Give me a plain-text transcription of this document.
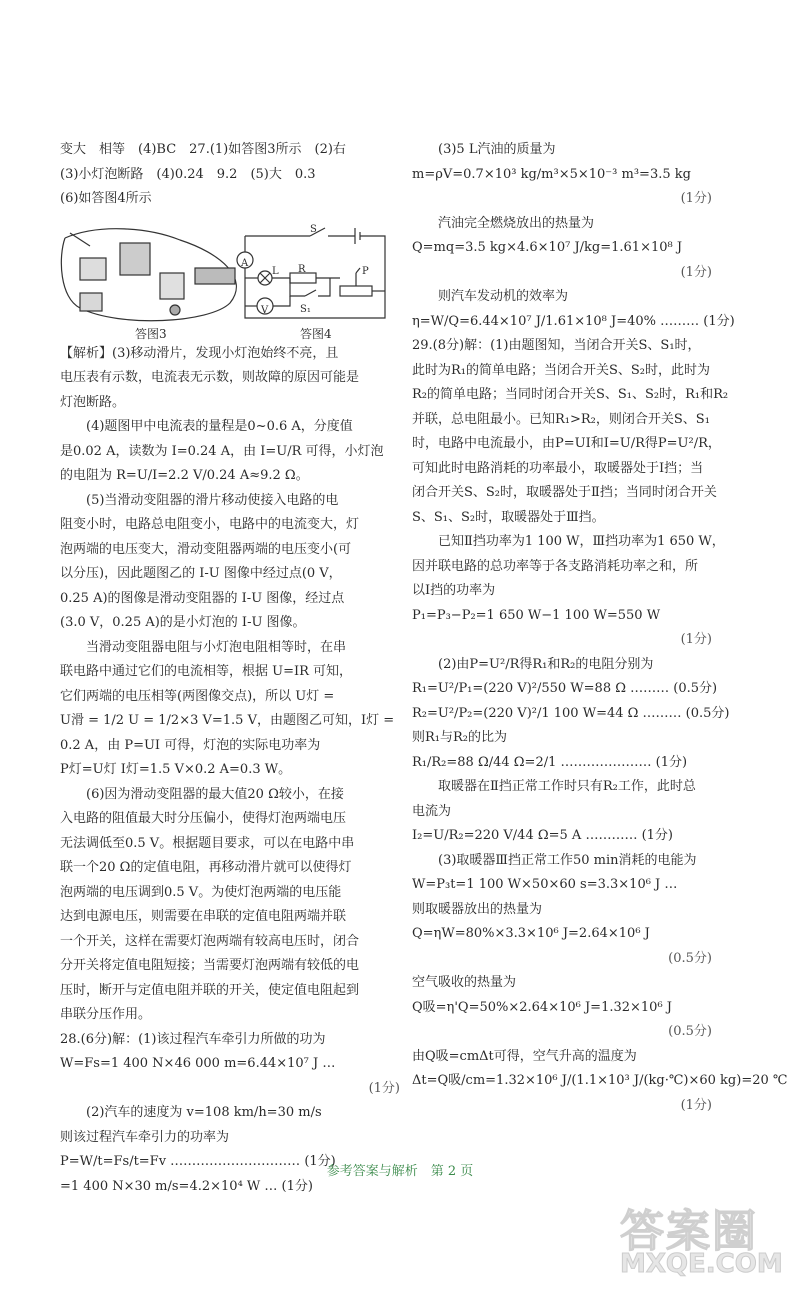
变大　相等　(4)BC　27.(1)如答图3所示　(2)右
(3)小灯泡断路　(4)0.24　9.2　(5)大　0.3
(6)如答图4所示
A
V
L R
S
S₁
P
答图3	答图4
【解析】(3)移动滑片，发现小灯泡始终不亮，且
电压表有示数，电流表无示数，则故障的原因可能是
灯泡断路。
(4)题图甲中电流表的量程是0~0.6 A，分度值
是0.02 A，读数为 I=0.24 A，由 I=U/R 可得，小灯泡
的电阻为 R=U/I=2.2 V/0.24 A≈9.2 Ω。
(5)当滑动变阻器的滑片移动使接入电路的电
阻变小时，电路总电阻变小，电路中的电流变大，灯
泡两端的电压变大，滑动变阻器两端的电压变小(可
以分压)，因此题图乙的 I-U 图像中经过点(0 V，
0.25 A)的图像是滑动变阻器的 I-U 图像，经过点
(3.0 V，0.25 A)的是小灯泡的 I-U 图像。
当滑动变阻器电阻与小灯泡电阻相等时，在串
联电路中通过它们的电流相等，根据 U=IR 可知，
它们两端的电压相等(两图像交点)，所以 U灯 =
U滑 = 1/2 U = 1/2×3 V=1.5 V，由题图乙可知，I灯 =
0.2 A，由 P=UI 可得，灯泡的实际电功率为
P灯=U灯 I灯=1.5 V×0.2 A=0.3 W。
(6)因为滑动变阻器的最大值20 Ω较小，在接
入电路的阻值最大时分压偏小，使得灯泡两端电压
无法调低至0.5 V。根据题目要求，可以在电路中串
联一个20 Ω的定值电阻，再移动滑片就可以使得灯
泡两端的电压调到0.5 V。为使灯泡两端的电压能
达到电源电压，则需要在串联的定值电阻两端并联
一个开关，这样在需要灯泡两端有较高电压时，闭合
分开关将定值电阻短接；当需要灯泡两端有较低的电
压时，断开与定值电阻并联的开关，使定值电阻起到
串联分压作用。
28.(6分)解：(1)该过程汽车牵引力所做的功为
W=Fs=1 400 N×46 000 m=6.44×10⁷ J …
(1分)
(2)汽车的速度为 v=108 km/h=30 m/s
则该过程汽车牵引力的功率为
P=W/t=Fs/t=Fv ………………………… (1分)
=1 400 N×30 m/s=4.2×10⁴ W … (1分)
(3)5 L汽油的质量为
m=ρV=0.7×10³ kg/m³×5×10⁻³ m³=3.5 kg
(1分)
汽油完全燃烧放出的热量为
Q=mq=3.5 kg×4.6×10⁷ J/kg=1.61×10⁸ J
(1分)
则汽车发动机的效率为
η=W/Q=6.44×10⁷ J/1.61×10⁸ J=40% ……… (1分)
29.(8分)解：(1)由题图知，当闭合开关S、S₁时，
此时为R₁的简单电路；当闭合开关S、S₂时，此时为
R₂的简单电路；当同时闭合开关S、S₁、S₂时，R₁和R₂
并联，总电阻最小。已知R₁>R₂，则闭合开关S、S₁
时，电路中电流最小，由P=UI和I=U/R得P=U²/R，
可知此时电路消耗的功率最小，取暖器处于Ⅰ挡；当
闭合开关S、S₂时，取暖器处于Ⅱ挡；当同时闭合开关
S、S₁、S₂时，取暖器处于Ⅲ挡。
已知Ⅱ挡功率为1 100 W，Ⅲ挡功率为1 650 W，
因并联电路的总功率等于各支路消耗功率之和，所
以Ⅰ挡的功率为
P₁=P₃−P₂=1 650 W−1 100 W=550 W
(1分)
(2)由P=U²/R得R₁和R₂的电阻分别为
R₁=U²/P₁=(220 V)²/550 W=88 Ω ……… (0.5分)
R₂=U²/P₂=(220 V)²/1 100 W=44 Ω ……… (0.5分)
则R₁与R₂的比为
R₁/R₂=88 Ω/44 Ω=2/1 ………………… (1分)
取暖器在Ⅱ挡正常工作时只有R₂工作，此时总
电流为
I₂=U/R₂=220 V/44 Ω=5 A ………… (1分)
(3)取暖器Ⅲ挡正常工作50 min消耗的电能为
W=P₃t=1 100 W×50×60 s=3.3×10⁶ J …
则取暖器放出的热量为
Q=ηW=80%×3.3×10⁶ J=2.64×10⁶ J
(0.5分)
空气吸收的热量为
Q吸=η'Q=50%×2.64×10⁶ J=1.32×10⁶ J
(0.5分)
由Q吸=cmΔt可得，空气升高的温度为
Δt=Q吸/cm=1.32×10⁶ J/(1.1×10³ J/(kg·℃)×60 kg)=20 ℃
(1分)
参考答案与解析　第 2 页
答案圈
MXQE.COM
